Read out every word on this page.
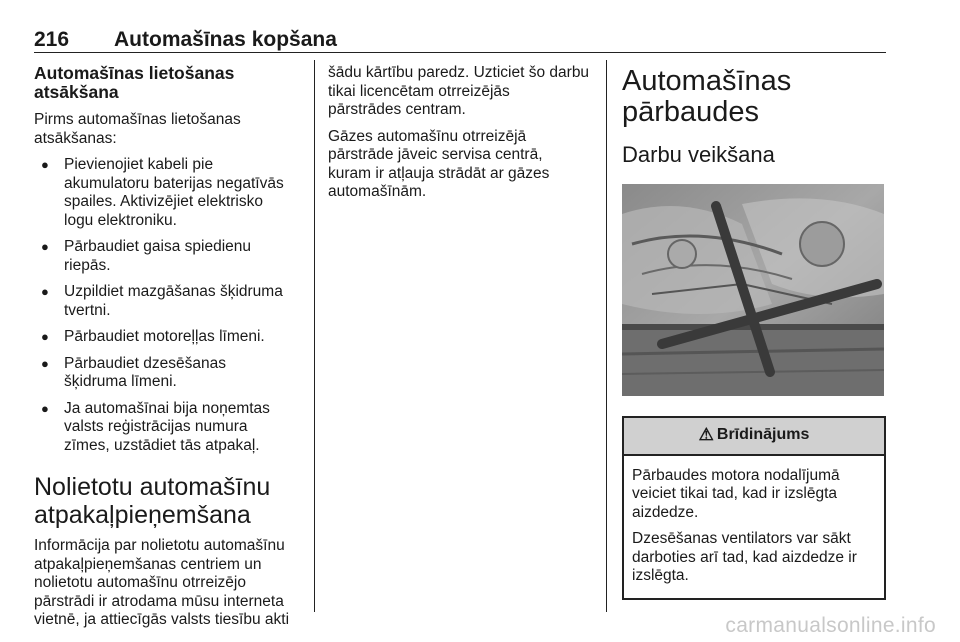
216 Automašīnas kopšana
Automašīnas lietošanas
atsākšana

Pirms automašīnas lietošanas
atsākšanas:

● Pievienojiet kabeli pie
akumulatoru baterijas negatīvās
spailes. Aktivizējiet elektrisko
logu elektroniku.
● Pārbaudiet gaisa spiedienu
riepās.
● Uzpildiet mazgāšanas šķidruma
tvertni.
● Pārbaudiet motoreļļas līmeni.
● Pārbaudiet dzesēšanas
šķidruma līmeni.
● Ja automašīnai bija noņemtas
valsts reģistrācijas numura
zīmes, uzstādiet tās atpakaļ.
Nolietotu automašīnu
atpakaļpieņemšana

Informācija par nolietotu automašīnu
atpakaļpieņemšanas centriem un
nolietotu automašīnu otrreizējo
pārstrādi ir atrodama mūsu interneta
vietnē, ja attiecīgās valsts tiesību akti

šādu kārtību paredz. Uzticiet šo darbu
tikai licencētam otrreizējās
pārstrādes centram.

Gāzes automašīnu otrreizējā
pārstrāde jāveic servisa centrā,
kuram ir atļauja strādāt ar gāzes
automašīnām.

Automašīnas
pārbaudes
Darbu veikšana
⚠ Brīdinājums

Pārbaudes motora nodalījumā
veiciet tikai tad, kad ir izslēgta
aizdedze.

Dzesēšanas ventilators var sākt
darboties arī tad, kad aizdedze ir
izslēgta.

carmanualsonline.info
